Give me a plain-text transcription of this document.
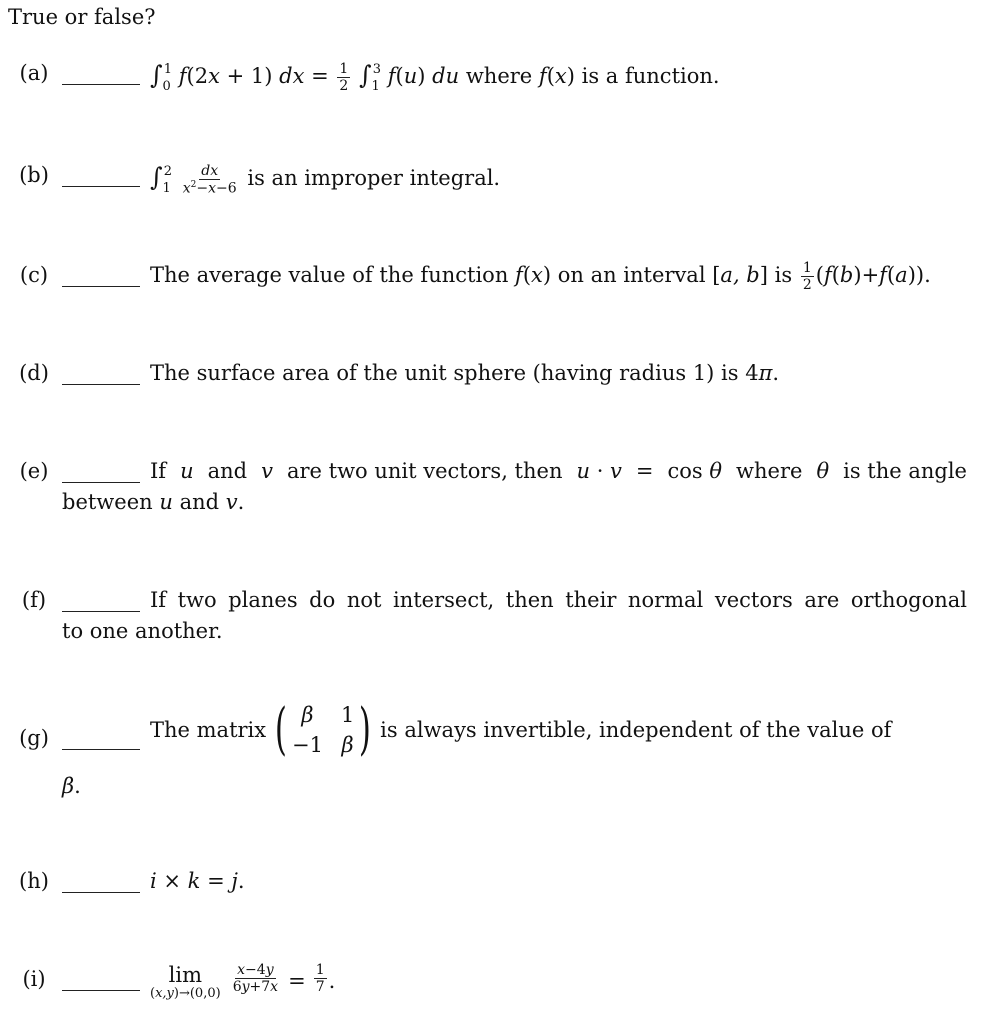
True or false?
(a)	$\int_0^1$ f(2x + 1) dx = $\frac{1}{2} \int_1^3$ f(u) du where f(x) is a function.
(b)	$\int_1^2 \frac{dx}{x^2-x-6}$ is an improper integral.
(c)	The average value of the function f(x) on an interval [a, b] is $\frac{1}{2} (f(b)+f(a))$.
(d)	The surface area of the unit sphere (having radius 1) is 4π.
(e)	If u and v are two unit vectors, then u · v = cos θ where θ is the angle
between u and v.
(f)	If two planes do not intersect, then their normal vectors are orthogonal
to one another.
(g)	The matrix ( β	1
−1 β ) is always invertible, independent of the value of
β.
(h)	i × k = j.
(i)	lim
$(x,y)\to(0,0) \frac{x-4y}{6y+7x} = \frac{1}{7}$ .
